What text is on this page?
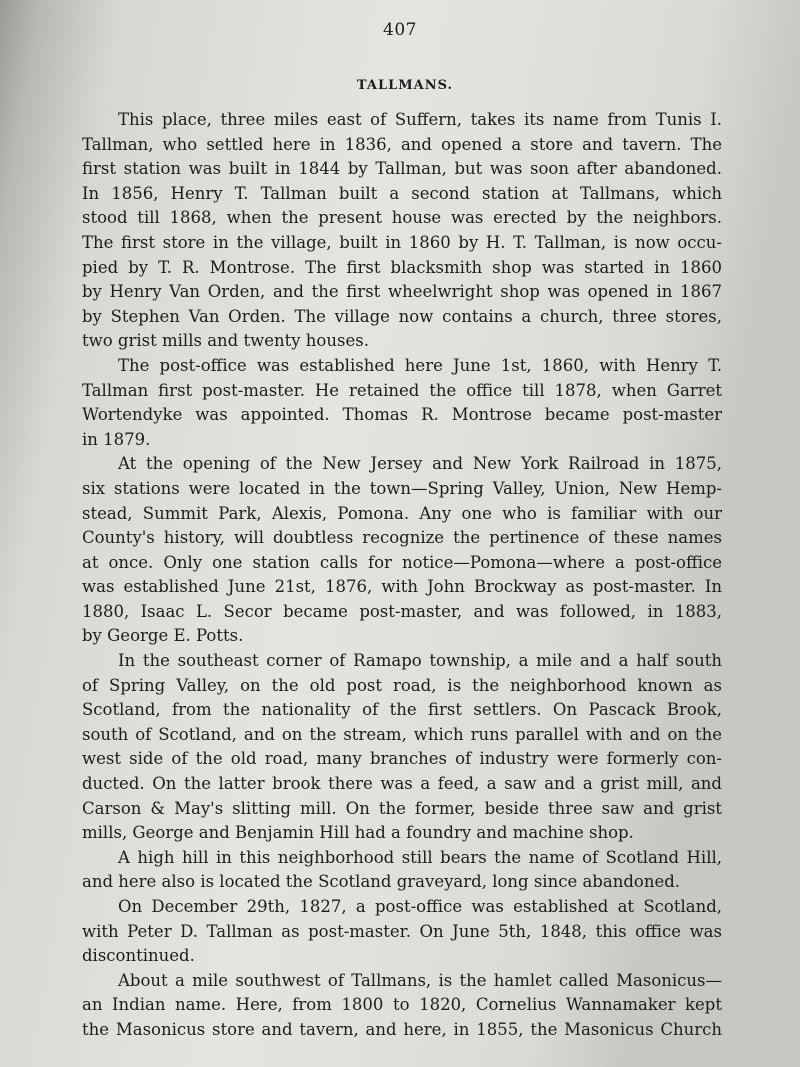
407
TALLMANS.
This place, three miles east of Suffern, takes its name from Tunis I.
Tallman, who settled here in 1836, and opened a store and tavern. The
first station was built in 1844 by Tallman, but was soon after abandoned.
In 1856, Henry T. Tallman built a second station at Tallmans, which
stood till 1868, when the present house was erected by the neighbors.
The first store in the village, built in 1860 by H. T. Tallman, is now occu-
pied by T. R. Montrose. The first blacksmith shop was started in 1860
by Henry Van Orden, and the first wheelwright shop was opened in 1867
by Stephen Van Orden. The village now contains a church, three stores,
two grist mills and twenty houses.
The post-office was established here June 1st, 1860, with Henry T.
Tallman first post-master. He retained the office till 1878, when Garret
Wortendyke was appointed. Thomas R. Montrose became post-master
in 1879.
At the opening of the New Jersey and New York Railroad in 1875,
six stations were located in the town—Spring Valley, Union, New Hemp-
stead, Summit Park, Alexis, Pomona. Any one who is familiar with our
County's history, will doubtless recognize the pertinence of these names
at once. Only one station calls for notice—Pomona—where a post-office
was established June 21st, 1876, with John Brockway as post-master. In
1880, Isaac L. Secor became post-master, and was followed, in 1883,
by George E. Potts.
In the southeast corner of Ramapo township, a mile and a half south
of Spring Valley, on the old post road, is the neighborhood known as
Scotland, from the nationality of the first settlers. On Pascack Brook,
south of Scotland, and on the stream, which runs parallel with and on the
west side of the old road, many branches of industry were formerly con-
ducted. On the latter brook there was a feed, a saw and a grist mill, and
Carson & May's slitting mill. On the former, beside three saw and grist
mills, George and Benjamin Hill had a foundry and machine shop.
A high hill in this neighborhood still bears the name of Scotland Hill,
and here also is located the Scotland graveyard, long since abandoned.
On December 29th, 1827, a post-office was established at Scotland,
with Peter D. Tallman as post-master. On June 5th, 1848, this office was
discontinued.
About a mile southwest of Tallmans, is the hamlet called Masonicus—
an Indian name. Here, from 1800 to 1820, Cornelius Wannamaker kept
the Masonicus store and tavern, and here, in 1855, the Masonicus Church
